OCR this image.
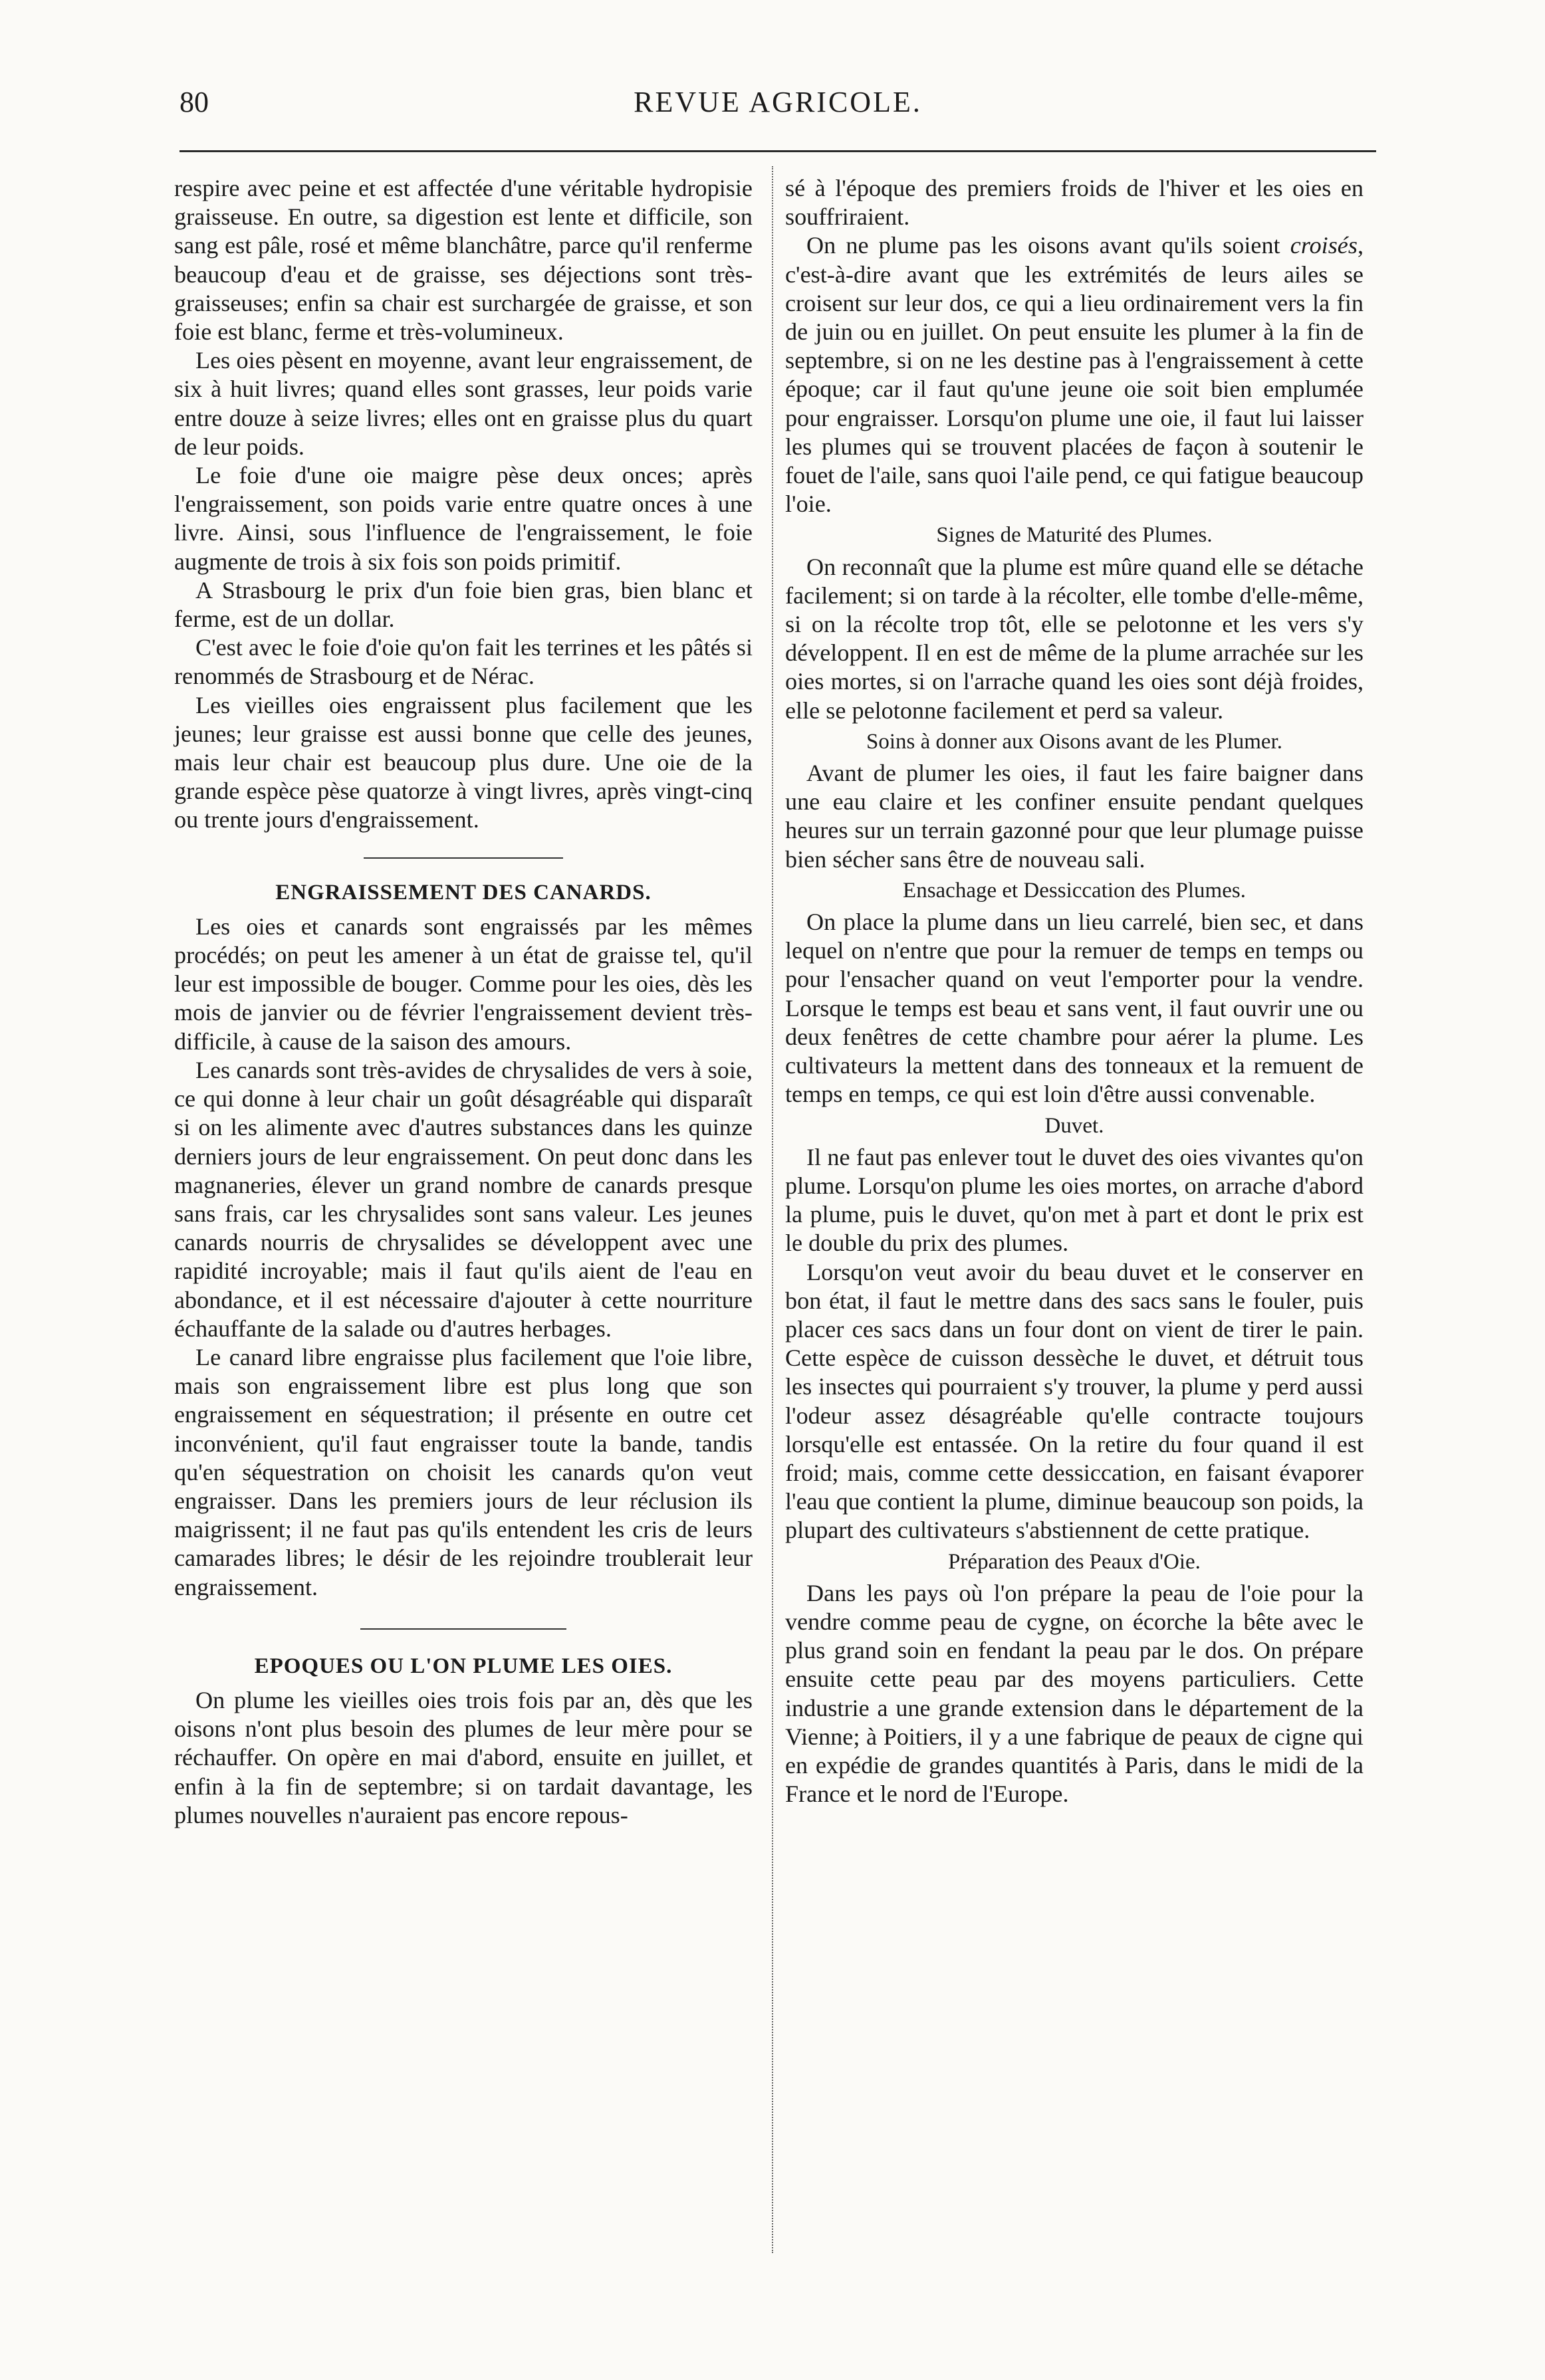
80	REVUE AGRICOLE.

respire avec peine et est affectée d'une véritable hydropisie graisseuse. En outre, sa digestion est lente et difficile, son sang est pâle, rosé et même blanchâtre, parce qu'il renferme beaucoup d'eau et de graisse, ses déjections sont très-graisseuses; enfin sa chair est surchargée de graisse, et son foie est blanc, ferme et très-volumineux.

Les oies pèsent en moyenne, avant leur engraissement, de six à huit livres; quand elles sont grasses, leur poids varie entre douze à seize livres; elles ont en graisse plus du quart de leur poids.

Le foie d'une oie maigre pèse deux onces; après l'engraissement, son poids varie entre quatre onces à une livre. Ainsi, sous l'influence de l'engraissement, le foie augmente de trois à six fois son poids primitif.

A Strasbourg le prix d'un foie bien gras, bien blanc et ferme, est de un dollar.

C'est avec le foie d'oie qu'on fait les terrines et les pâtés si renommés de Strasbourg et de Nérac.

Les vieilles oies engraissent plus facilement que les jeunes; leur graisse est aussi bonne que celle des jeunes, mais leur chair est beaucoup plus dure. Une oie de la grande espèce pèse quatorze à vingt livres, après vingt-cinq ou trente jours d'engraissement.

ENGRAISSEMENT DES CANARDS.

Les oies et canards sont engraissés par les mêmes procédés; on peut les amener à un état de graisse tel, qu'il leur est impossible de bouger. Comme pour les oies, dès les mois de janvier ou de février l'engraissement devient très-difficile, à cause de la saison des amours.

Les canards sont très-avides de chrysalides de vers à soie, ce qui donne à leur chair un goût désagréable qui disparaît si on les alimente avec d'autres substances dans les quinze derniers jours de leur engraissement. On peut donc dans les magnaneries, élever un grand nombre de canards presque sans frais, car les chrysalides sont sans valeur. Les jeunes canards nourris de chrysalides se développent avec une rapidité incroyable; mais il faut qu'ils aient de l'eau en abondance, et il est nécessaire d'ajouter à cette nourriture échauffante de la salade ou d'autres herbages.

Le canard libre engraisse plus facilement que l'oie libre, mais son engraissement libre est plus long que son engraissement en séquestration; il présente en outre cet inconvénient, qu'il faut engraisser toute la bande, tandis qu'en séquestration on choisit les canards qu'on veut engraisser. Dans les premiers jours de leur réclusion ils maigrissent; il ne faut pas qu'ils entendent les cris de leurs camarades libres; le désir de les rejoindre troublerait leur engraissement.

EPOQUES OU L'ON PLUME LES OIES.

On plume les vieilles oies trois fois par an, dès que les oisons n'ont plus besoin des plumes de leur mère pour se réchauffer. On opère en mai d'abord, ensuite en juillet, et enfin à la fin de septembre; si on tardait davantage, les plumes nouvelles n'auraient pas encore repous-

sé à l'époque des premiers froids de l'hiver et les oies en souffriraient.

On ne plume pas les oisons avant qu'ils soient croisés, c'est-à-dire avant que les extrémités de leurs ailes se croisent sur leur dos, ce qui a lieu ordinairement vers la fin de juin ou en juillet. On peut ensuite les plumer à la fin de septembre, si on ne les destine pas à l'engraissement à cette époque; car il faut qu'une jeune oie soit bien emplumée pour engraisser. Lorsqu'on plume une oie, il faut lui laisser les plumes qui se trouvent placées de façon à soutenir le fouet de l'aile, sans quoi l'aile pend, ce qui fatigue beaucoup l'oie.

Signes de Maturité des Plumes.

On reconnaît que la plume est mûre quand elle se détache facilement; si on tarde à la récolter, elle tombe d'elle-même, si on la récolte trop tôt, elle se pelotonne et les vers s'y développent. Il en est de même de la plume arrachée sur les oies mortes, si on l'arrache quand les oies sont déjà froides, elle se pelotonne facilement et perd sa valeur.

Soins à donner aux Oisons avant de les Plumer.

Avant de plumer les oies, il faut les faire baigner dans une eau claire et les confiner ensuite pendant quelques heures sur un terrain gazonné pour que leur plumage puisse bien sécher sans être de nouveau sali.

Ensachage et Dessiccation des Plumes.

On place la plume dans un lieu carrelé, bien sec, et dans lequel on n'entre que pour la remuer de temps en temps ou pour l'ensacher quand on veut l'emporter pour la vendre. Lorsque le temps est beau et sans vent, il faut ouvrir une ou deux fenêtres de cette chambre pour aérer la plume. Les cultivateurs la mettent dans des tonneaux et la remuent de temps en temps, ce qui est loin d'être aussi convenable.

Duvet.

Il ne faut pas enlever tout le duvet des oies vivantes qu'on plume. Lorsqu'on plume les oies mortes, on arrache d'abord la plume, puis le duvet, qu'on met à part et dont le prix est le double du prix des plumes.

Lorsqu'on veut avoir du beau duvet et le conserver en bon état, il faut le mettre dans des sacs sans le fouler, puis placer ces sacs dans un four dont on vient de tirer le pain. Cette espèce de cuisson dessèche le duvet, et détruit tous les insectes qui pourraient s'y trouver, la plume y perd aussi l'odeur assez désagréable qu'elle contracte toujours lorsqu'elle est entassée. On la retire du four quand il est froid; mais, comme cette dessiccation, en faisant évaporer l'eau que contient la plume, diminue beaucoup son poids, la plupart des cultivateurs s'abstiennent de cette pratique.

Préparation des Peaux d'Oie.

Dans les pays où l'on prépare la peau de l'oie pour la vendre comme peau de cygne, on écorche la bête avec le plus grand soin en fendant la peau par le dos. On prépare ensuite cette peau par des moyens particuliers. Cette industrie a une grande extension dans le département de la Vienne; à Poitiers, il y a une fabrique de peaux de cigne qui en expédie de grandes quantités à Paris, dans le midi de la France et le nord de l'Europe.
